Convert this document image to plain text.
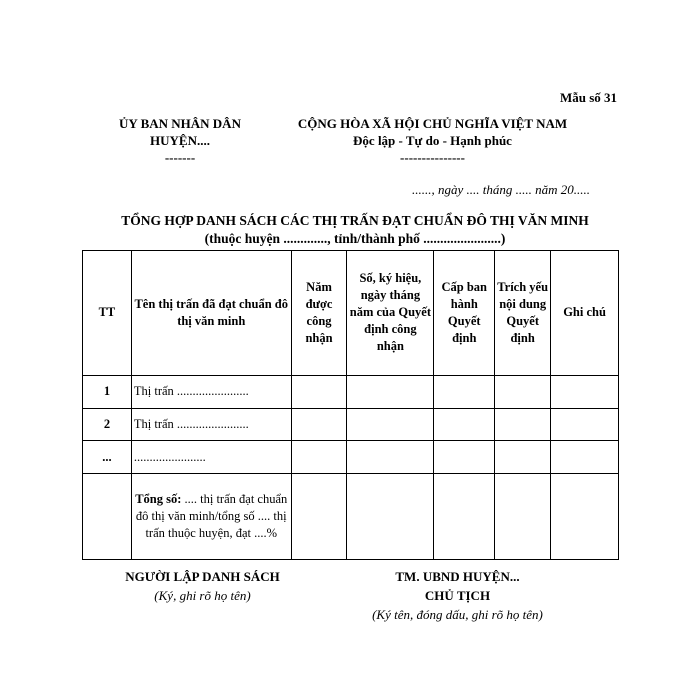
Mẫu số 31
ỦY BAN NHÂN DÂN
HUYỆN....
-------
CỘNG HÒA XÃ HỘI CHỦ NGHĨA VIỆT NAM
Độc lập - Tự do - Hạnh phúc
---------------
......, ngày .... tháng ..... năm 20.....
TỔNG HỢP DANH SÁCH CÁC THỊ TRẤN ĐẠT CHUẨN ĐÔ THỊ VĂN MINH
(thuộc huyện ............., tỉnh/thành phố .......................)
TT	Tên thị trấn đã đạt chuẩn đô thị văn minh	Năm được công nhận	Số, ký hiệu, ngày tháng năm của Quyết định công nhận	Cấp ban hành Quyết định	Trích yếu nội dung Quyết định	Ghi chú
1	Thị trấn .......................					
2	Thị trấn .......................					
...	.......................					
	Tổng số: .... thị trấn đạt chuẩn đô thị văn minh/tổng số .... thị trấn thuộc huyện, đạt ....%					
NGƯỜI LẬP DANH SÁCH
(Ký, ghi rõ họ tên)
TM. UBND HUYỆN...
CHỦ TỊCH
(Ký tên, đóng dấu, ghi rõ họ tên)
